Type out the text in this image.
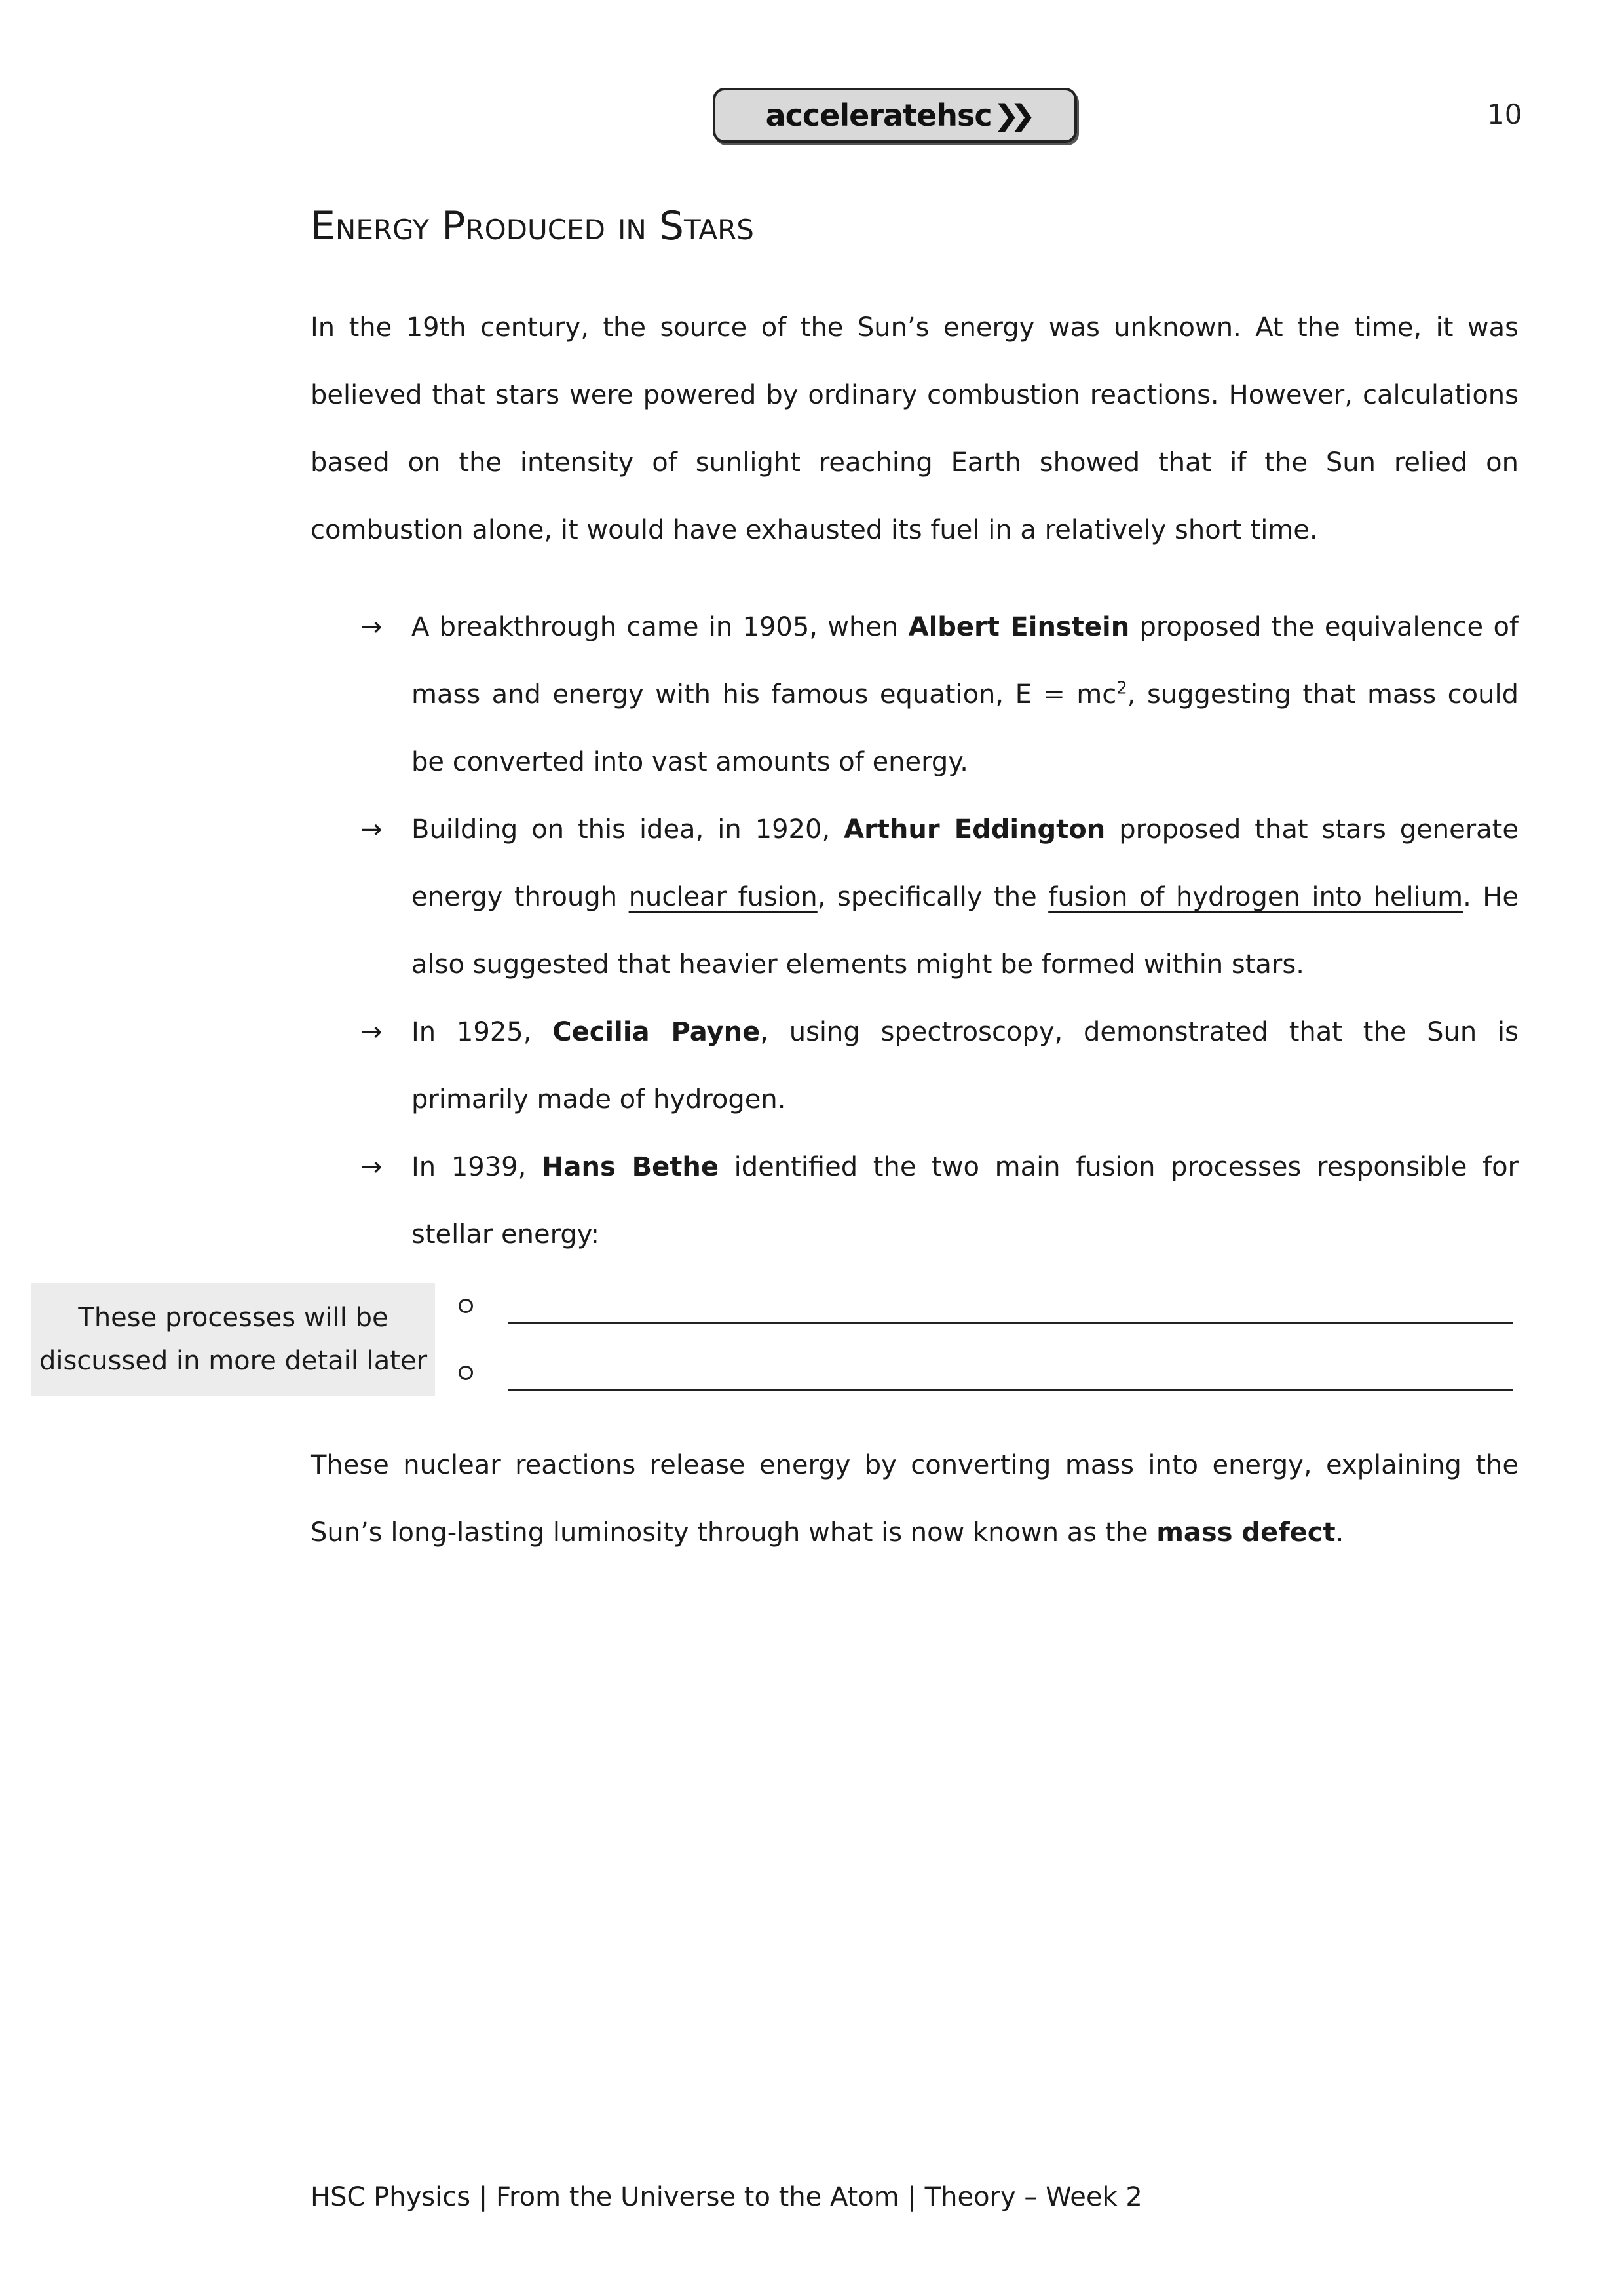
acceleratehsc ❯❯	10
Energy Produced in Stars

In the 19th century, the source of the Sun’s energy was unknown. At the time, it was believed that stars were powered by ordinary combustion reactions. However, calculations based on the intensity of sunlight reaching Earth showed that if the Sun relied on combustion alone, it would have exhausted its fuel in a relatively short time.

→ A breakthrough came in 1905, when Albert Einstein proposed the equivalence of mass and energy with his famous equation, $E = mc^2$, suggesting that mass could be converted into vast amounts of energy.
→ Building on this idea, in 1920, Arthur Eddington proposed that stars generate energy through nuclear fusion, specifically the fusion of hydrogen into helium. He also suggested that heavier elements might be formed within stars.
→ In 1925, Cecilia Payne, using spectroscopy, demonstrated that the Sun is primarily made of hydrogen.
→ In 1939, Hans Bethe identified the two main fusion processes responsible for stellar energy:
These processes will be
discussed in more detail later

These nuclear reactions release energy by converting mass into energy, explaining the Sun’s long-lasting luminosity through what is now known as the mass defect.

HSC Physics | From the Universe to the Atom | Theory – Week 2
